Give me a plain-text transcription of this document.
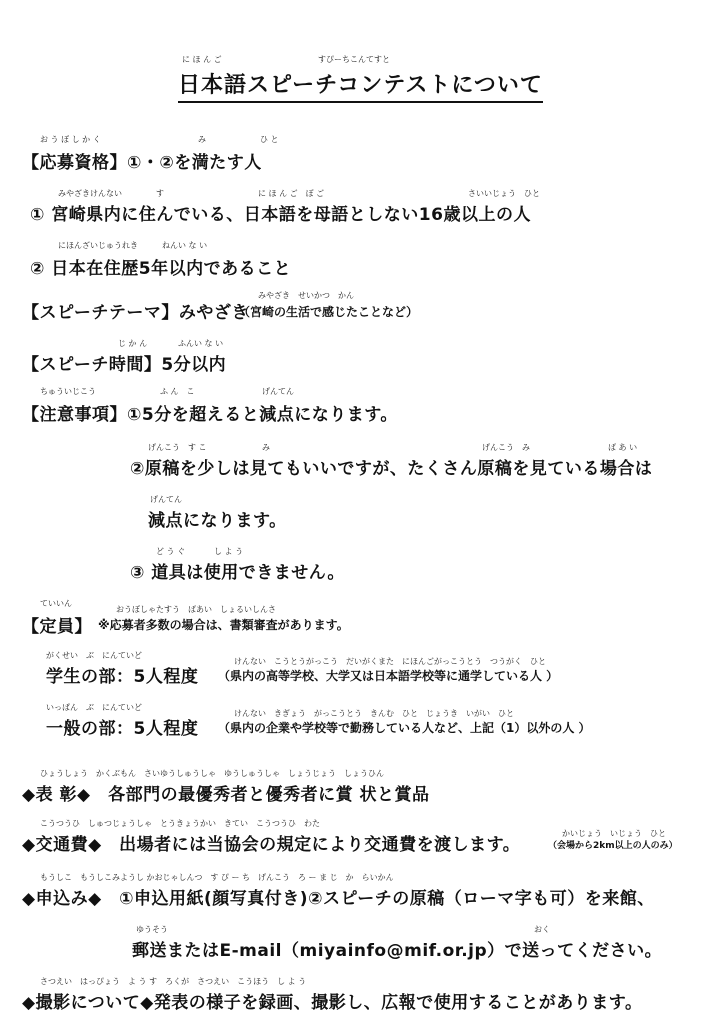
に ほ ん ご	すぴーちこんてすと
日本語スピーチコンテストについて
お う ぼ し か く	み	ひ と
【応募資格】①・②を満たす人
みやざきけんない	す	に ほ ん ご　ぼ ご	さいいじょう　ひと
① 宮崎県内に住んでいる、日本語を母語としない16歳以上の人
にほんざいじゅうれき	ねんい な い
② 日本在住歴5年以内であること
【スピーチテーマ】みやざき
みやざき　せいかつ　かん
（宮崎の生活で感じたことなど）
じ か ん	ふんい な い
【スピーチ時間】5分以内
ちゅういじこう	ふ ん　こ	げんてん
【注意事項】①5分を超えると減点になります。
げんこう　す こ	み	げんこう　み	ば あ い
②原稿を少しは見てもいいですが、たくさん原稿を見ている場合は
げんてん
減点になります。
ど う ぐ	し よ う
③ 道具は使用できません。
ていいん
おうぼしゃたすう　ばあい　しょるいしんさ
【定員】 ※応募者多数の場合は、書類審査があります。
がくせい　ぶ　にんていど
学生の部：5人程度
けんない　こうとうがっこう　だいがくまた　にほんごがっこうとう　つうがく　ひと
（県内の高等学校、大学又は日本語学校等に通学している人 ）
いっぱん　ぶ　にんていど
一般の部：5人程度
けんない　きぎょう　がっこうとう　きんむ　ひと　じょうき　いがい　ひと
（県内の企業や学校等で勤務している人など、上記（1）以外の人 ）
ひょうしょう　かくぶもん　さいゆうしゅうしゃ　ゆうしゅうしゃ　しょうじょう　しょうひん
◆表 彰◆　各部門の最優秀者と優秀者に賞 状と賞品
こうつうひ　しゅつじょうしゃ　とうきょうかい　きてい　こうつうひ　わた
◆交通費◆　出場者には当協会の規定により交通費を渡します。
かいじょう　いじょう　ひと
（会場から2km以上の人のみ）
もうしこ　もうしこみようし かおじゃしんつ　す ぴ ー ち　げんこう　ろ ー ま じ　か　らいかん
◆申込み◆　①申込用紙(顔写真付き)②スピーチの原稿（ローマ字も可）を来館、
ゆうそう	おく
郵送またはE-mail（miyainfo@mif.or.jp）で送ってください。
さつえい　はっぴょう　よ う す　ろくが　さつえい　こうほう　し よ う
◆撮影について◆発表の様子を録画、撮影し、広報で使用することがあります。
